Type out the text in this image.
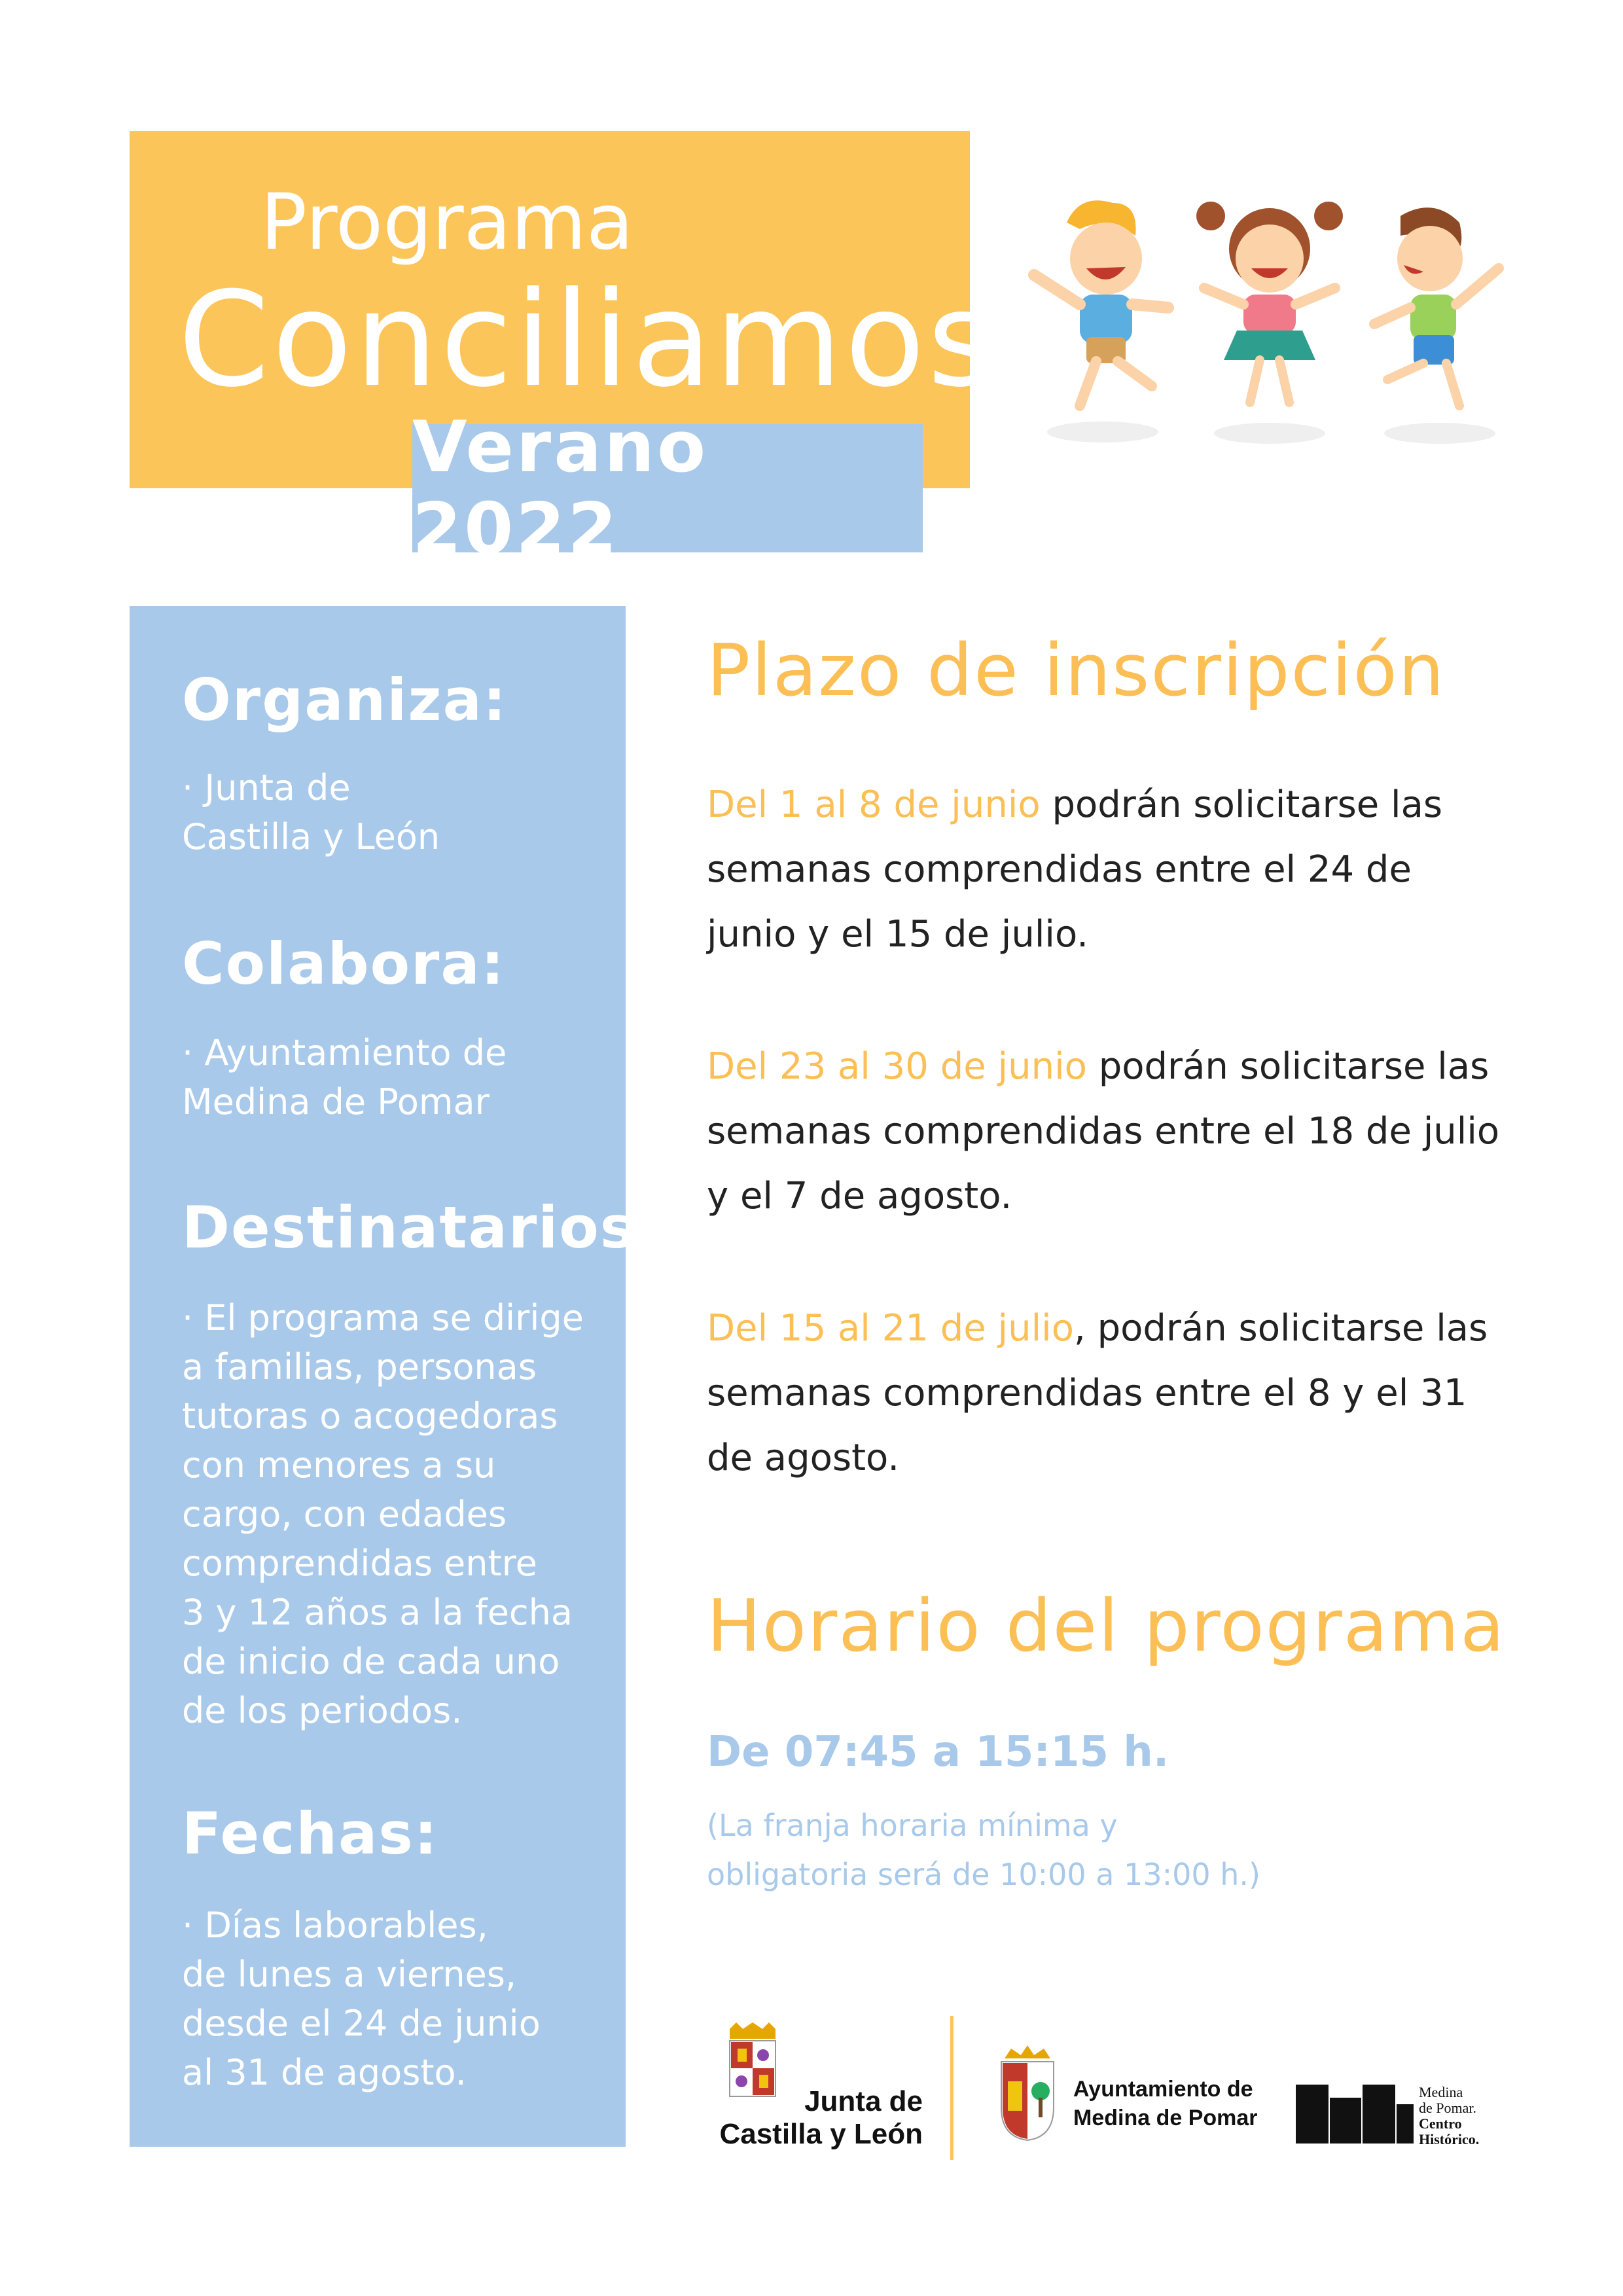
Programa
Conciliamos
Verano 2022
Organiza:
· Junta de
Castilla y León
Colabora:
· Ayuntamiento de
Medina de Pomar
Destinatarios:
· El programa se dirige
a familias, personas
tutoras o acogedoras
con menores a su
cargo, con edades
comprendidas entre
3 y 12 años a la fecha
de inicio de cada uno
de los periodos.
Fechas:
· Días laborables,
de lunes a viernes,
desde el 24 de junio
al 31 de agosto.
Plazo de inscripción
Del 1 al 8 de junio podrán solicitarse las semanas comprendidas entre el 24 de junio y el 15 de julio.
Del 23 al 30 de junio podrán solicitarse las semanas comprendidas entre el 18 de julio y el 7 de agosto.
Del 15 al 21 de julio, podrán solicitarse las semanas comprendidas entre el 8 y el 31 de agosto.
Horario del programa
De 07:45 a 15:15 h.
(La franja horaria mínima y
obligatoria será de 10:00 a 13:00 h.)
Junta de
Castilla y León
Ayuntamiento de
Medina de Pomar
Medina
de Pomar.
Centro
Histórico.
